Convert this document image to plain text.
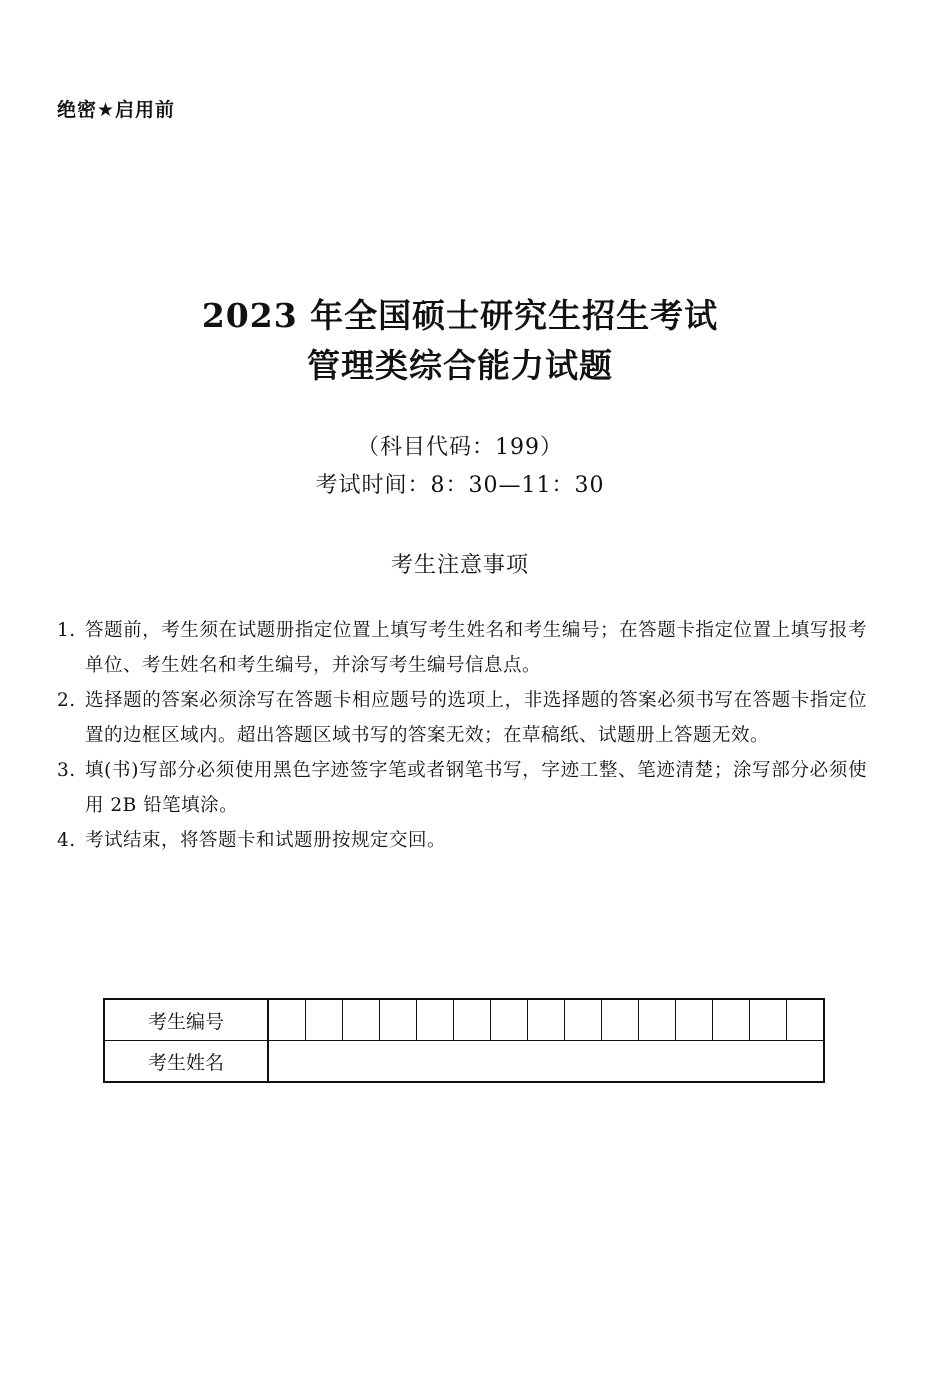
绝密★启用前
2023 年全国硕士研究生招生考试
管理类综合能力试题
（科目代码：199）
考试时间：8：30—11：30
考生注意事项
1. 答题前，考生须在试题册指定位置上填写考生姓名和考生编号；在答题卡指定位置上填写报考单位、考生姓名和考生编号，并涂写考生编号信息点。
2. 选择题的答案必须涂写在答题卡相应题号的选项上，非选择题的答案必须书写在答题卡指定位置的边框区域内。超出答题区域书写的答案无效；在草稿纸、试题册上答题无效。
3. 填(书)写部分必须使用黑色字迹签字笔或者钢笔书写，字迹工整、笔迹清楚；涂写部分必须使用 2B 铅笔填涂。
4. 考试结束，将答题卡和试题册按规定交回。
考生编号															
考生姓名															
